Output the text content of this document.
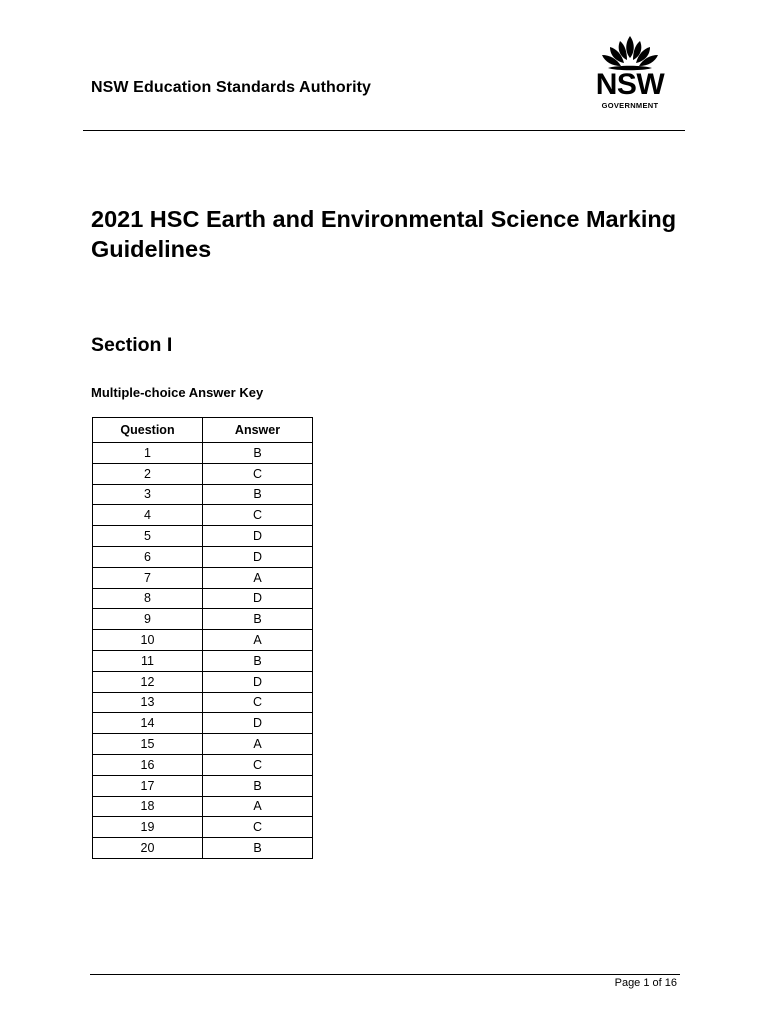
NSW Education Standards Authority	NSW
GOVERNMENT
2021 HSC Earth and Environmental Science Marking Guidelines
Section I
Multiple-choice Answer Key
Question	Answer
1	B
2	C
3	B
4	C
5	D
6	D
7	A
8	D
9	B
10	A
11	B
12	D
13	C
14	D
15	A
16	C
17	B
18	A
19	C
20	B
Page 1 of 16
